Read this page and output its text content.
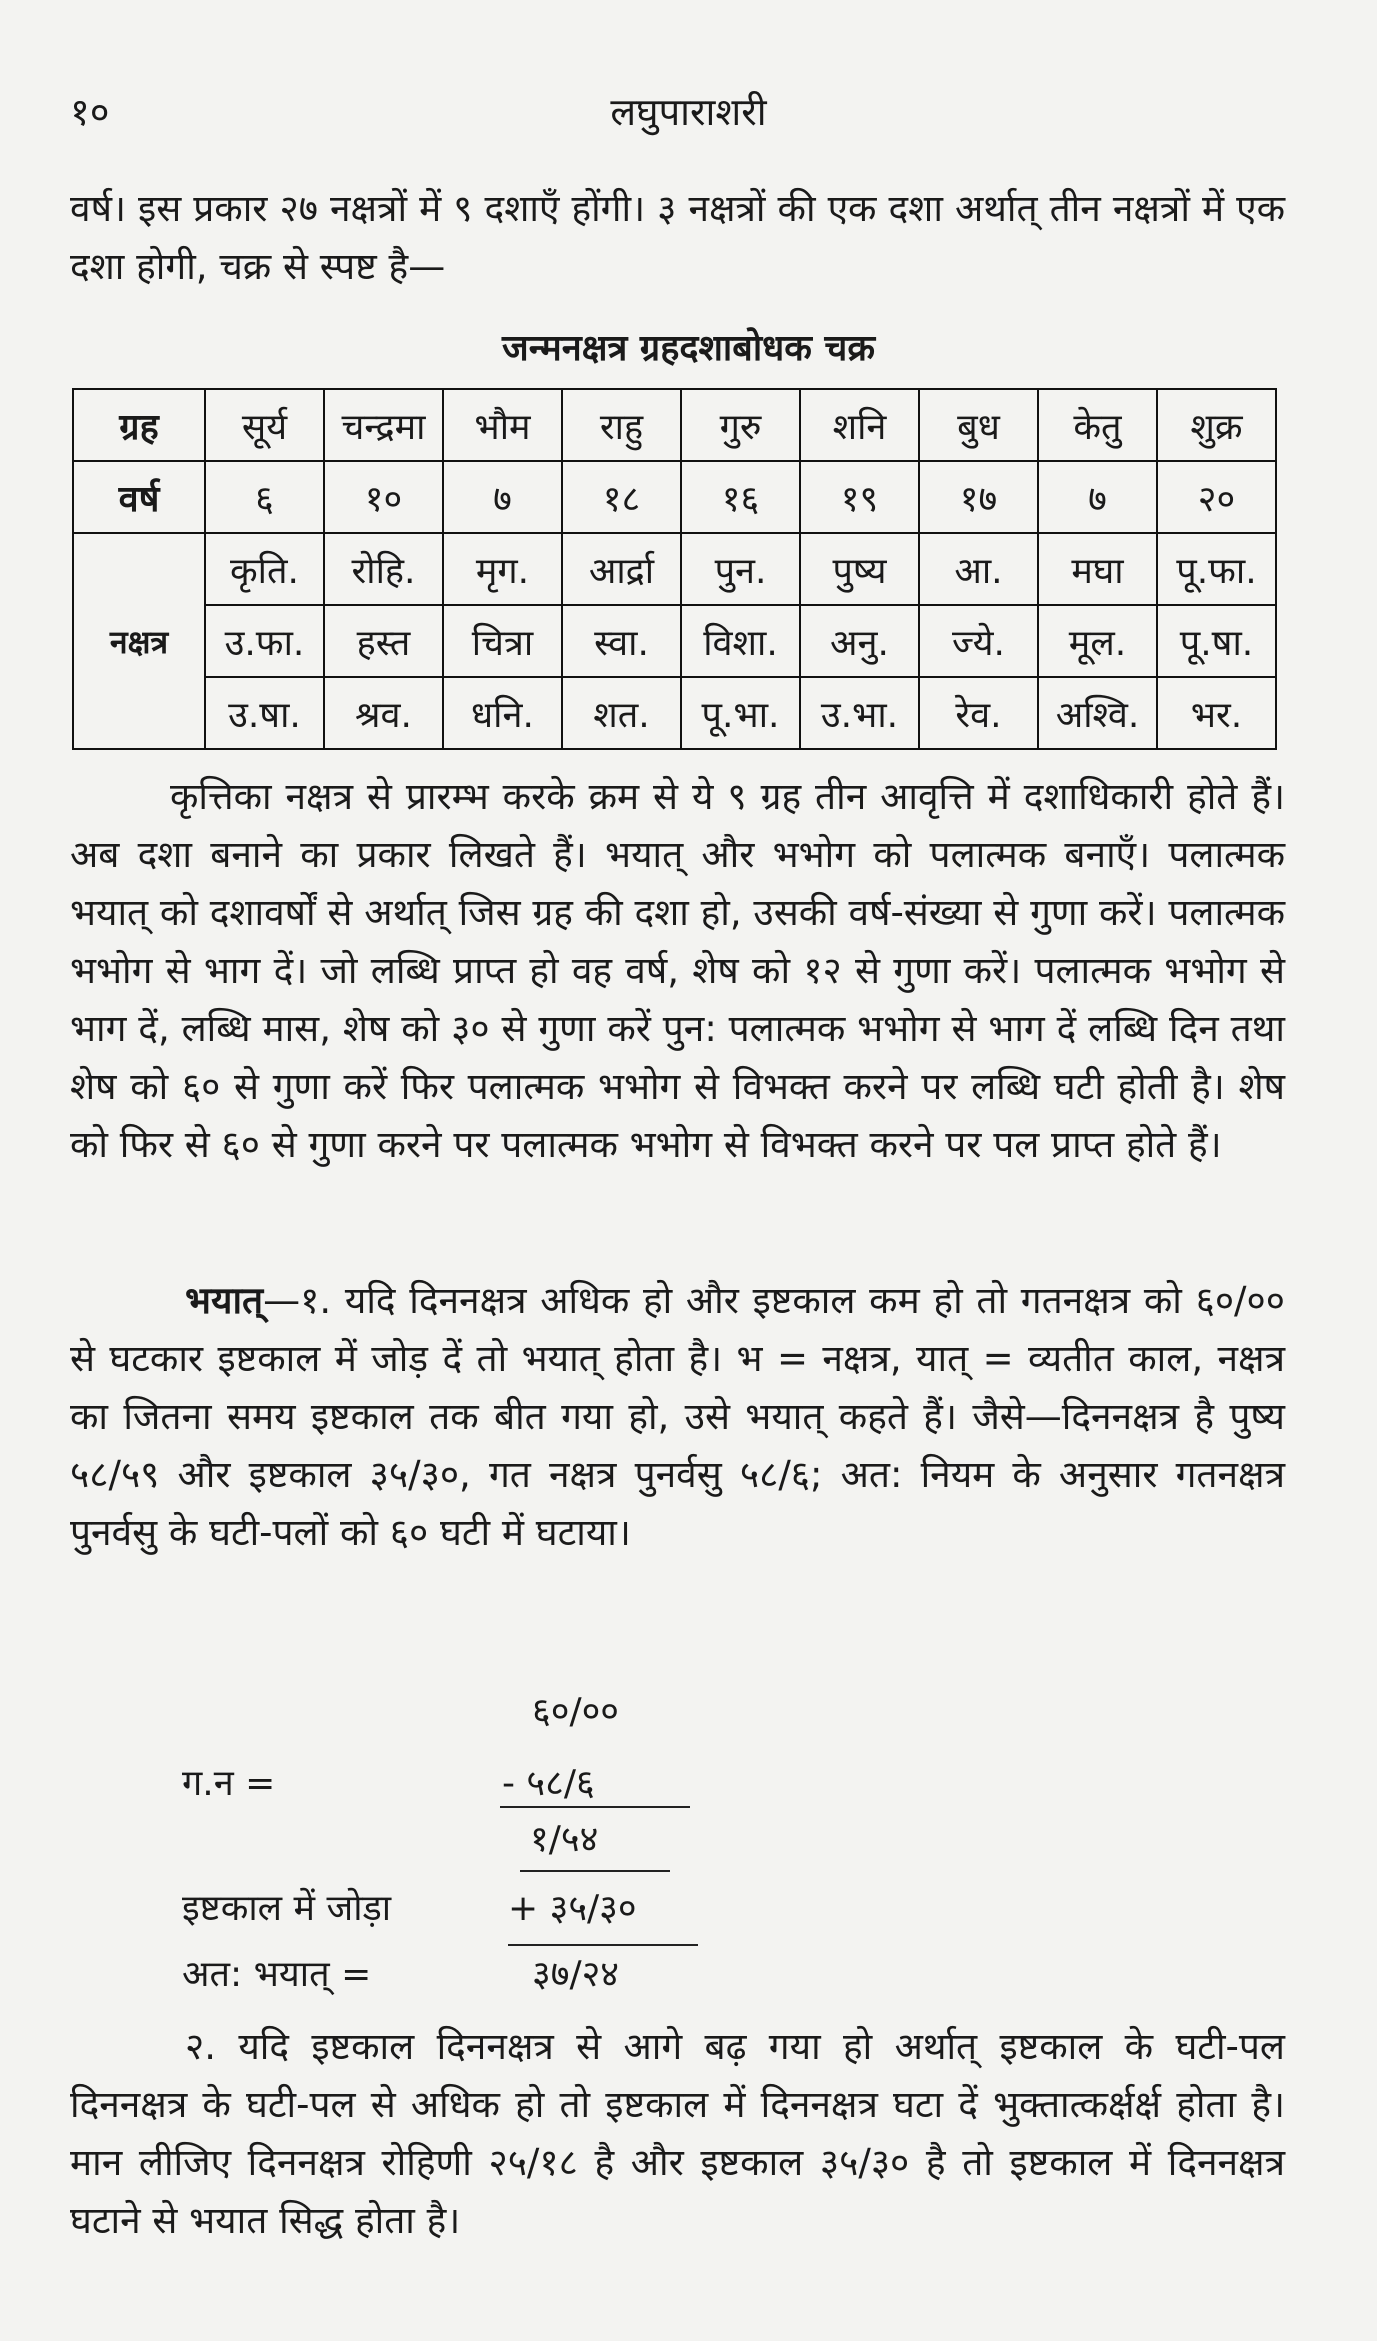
१०	लघुपाराशरी
वर्ष। इस प्रकार २७ नक्षत्रों में ९ दशाएँ होंगी। ३ नक्षत्रों की एक दशा अर्थात् तीन नक्षत्रों में एक दशा होगी, चक्र से स्पष्ट है—
जन्मनक्षत्र ग्रहदशाबोधक चक्र
ग्रह	सूर्य	चन्द्रमा	भौम	राहु	गुरु	शनि	बुध	केतु	शुक्र
वर्ष	६	१०	७	१८	१६	१९	१७	७	२०
नक्षत्र	कृति.	रोहि.	मृग.	आर्द्रा	पुन.	पुष्य	आ.	मघा	पू.फा.
	उ.फा.	हस्त	चित्रा	स्वा.	विशा.	अनु.	ज्ये.	मूल.	पू.षा.
	उ.षा.	श्रव.	धनि.	शत.	पू.भा.	उ.भा.	रेव.	अश्वि.	भर.
कृत्तिका नक्षत्र से प्रारम्भ करके क्रम से ये ९ ग्रह तीन आवृत्ति में दशाधिकारी होते हैं। अब दशा बनाने का प्रकार लिखते हैं। भयात् और भभोग को पलात्मक बनाएँ। पलात्मक भयात् को दशावर्षों से अर्थात् जिस ग्रह की दशा हो, उसकी वर्ष-संख्या से गुणा करें। पलात्मक भभोग से भाग दें। जो लब्धि प्राप्त हो वह वर्ष, शेष को १२ से गुणा करें। पलात्मक भभोग से भाग दें, लब्धि मास, शेष को ३० से गुणा करें पुन: पलात्मक भभोग से भाग दें लब्धि दिन तथा शेष को ६० से गुणा करें फिर पलात्मक भभोग से विभक्त करने पर लब्धि घटी होती है। शेष को फिर से ६० से गुणा करने पर पलात्मक भभोग से विभक्त करने पर पल प्राप्त होते हैं।
भयात्—१. यदि दिननक्षत्र अधिक हो और इष्टकाल कम हो तो गतनक्षत्र को ६०/०० से घटकार इष्टकाल में जोड़ दें तो भयात् होता है। भ = नक्षत्र, यात् = व्यतीत काल, नक्षत्र का जितना समय इष्टकाल तक बीत गया हो, उसे भयात् कहते हैं। जैसे—दिननक्षत्र है पुष्य ५८/५९ और इष्टकाल ३५/३०, गत नक्षत्र पुनर्वसु ५८/६; अत: नियम के अनुसार गतनक्षत्र पुनर्वसु के घटी-पलों को ६० घटी में घटाया।
६०/००
ग.न =	- ५८/६
१/५४
इष्टकाल में जोड़ा	+ ३५/३०
अत: भयात् =	३७/२४
२. यदि इष्टकाल दिननक्षत्र से आगे बढ़ गया हो अर्थात् इष्टकाल के घटी-पल दिननक्षत्र के घटी-पल से अधिक हो तो इष्टकाल में दिननक्षत्र घटा दें भुक्तात्कर्क्षर्क्ष होता है। मान लीजिए दिननक्षत्र रोहिणी २५/१८ है और इष्टकाल ३५/३० है तो इष्टकाल में दिननक्षत्र घटाने से भयात सिद्ध होता है।
